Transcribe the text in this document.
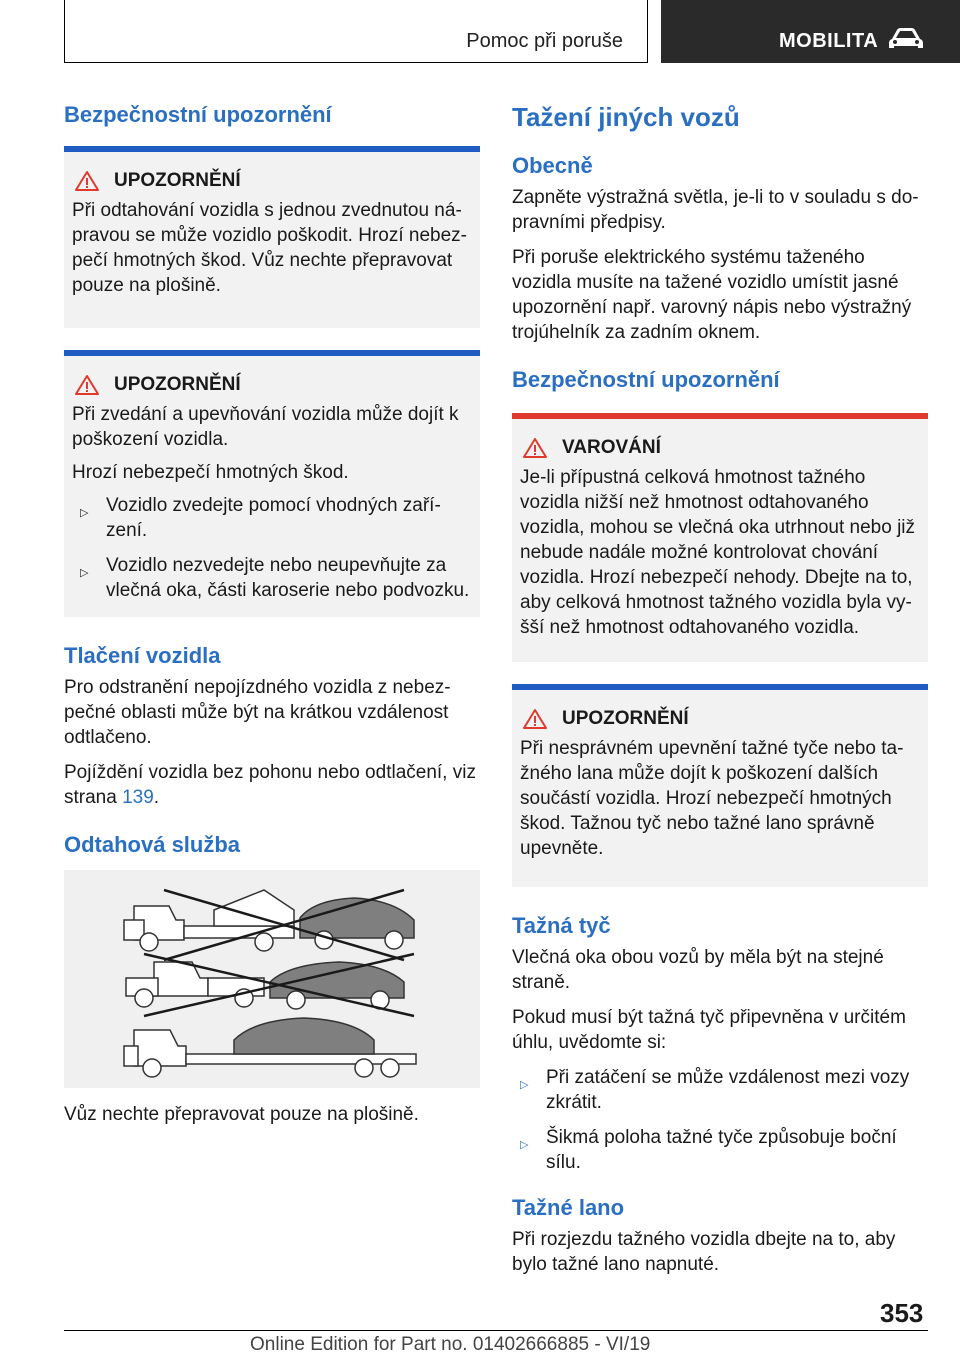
Pomoc při poruše	MOBILITA
Bezpečnostní upozornění
UPOZORNĚNÍ

Při odtahování vozidla s jednou zvednutou nápravou se může vozidlo poškodit. Hrozí nebezpečí hmotných škod. Vůz nechte přepravovat pouze na plošině.

UPOZORNĚNÍ

Při zvedání a upevňování vozidla může dojít k poškození vozidla.

Hrozí nebezpečí hmotných škod.

▷ Vozidlo zvedejte pomocí vhodných zařízení.
▷ Vozidlo nezvedejte nebo neupevňujte za vlečná oka, části karoserie nebo podvozku.
Tlačení vozidla

Pro odstranění nepojízdného vozidla z nebezpečné oblasti může být na krátkou vzdálenost odtlačeno.

Pojíždění vozidla bez pohonu nebo odtlačení, viz strana 139.

Odtahová služba

Vůz nechte přepravovat pouze na plošině.

Tažení jiných vozů
Obecně

Zapněte výstražná světla, je-li to v souladu s dopravními předpisy.

Při poruše elektrického systému taženého vozidla musíte na tažené vozidlo umístit jasné upozornění např. varovný nápis nebo výstražný trojúhelník za zadním oknem.

Bezpečnostní upozornění
VAROVÁNÍ

Je-li přípustná celková hmotnost tažného vozidla nižší než hmotnost odtahovaného vozidla, mohou se vlečná oka utrhnout nebo již nebude nadále možné kontrolovat chování vozidla. Hrozí nebezpečí nehody. Dbejte na to, aby celková hmotnost tažného vozidla byla vyšší než hmotnost odtahovaného vozidla.

UPOZORNĚNÍ

Při nesprávném upevnění tažné tyče nebo tažného lana může dojít k poškození dalších součástí vozidla. Hrozí nebezpečí hmotných škod. Tažnou tyč nebo tažné lano správně upevněte.

Tažná tyč

Vlečná oka obou vozů by měla být na stejné straně.

Pokud musí být tažná tyč připevněna v určitém úhlu, uvědomte si:

▷ Při zatáčení se může vzdálenost mezi vozy zkrátit.
▷ Šikmá poloha tažné tyče způsobuje boční sílu.
Tažné lano

Při rozjezdu tažného vozidla dbejte na to, aby bylo tažné lano napnuté.

353
Online Edition for Part no. 01402666885 - VI/19
